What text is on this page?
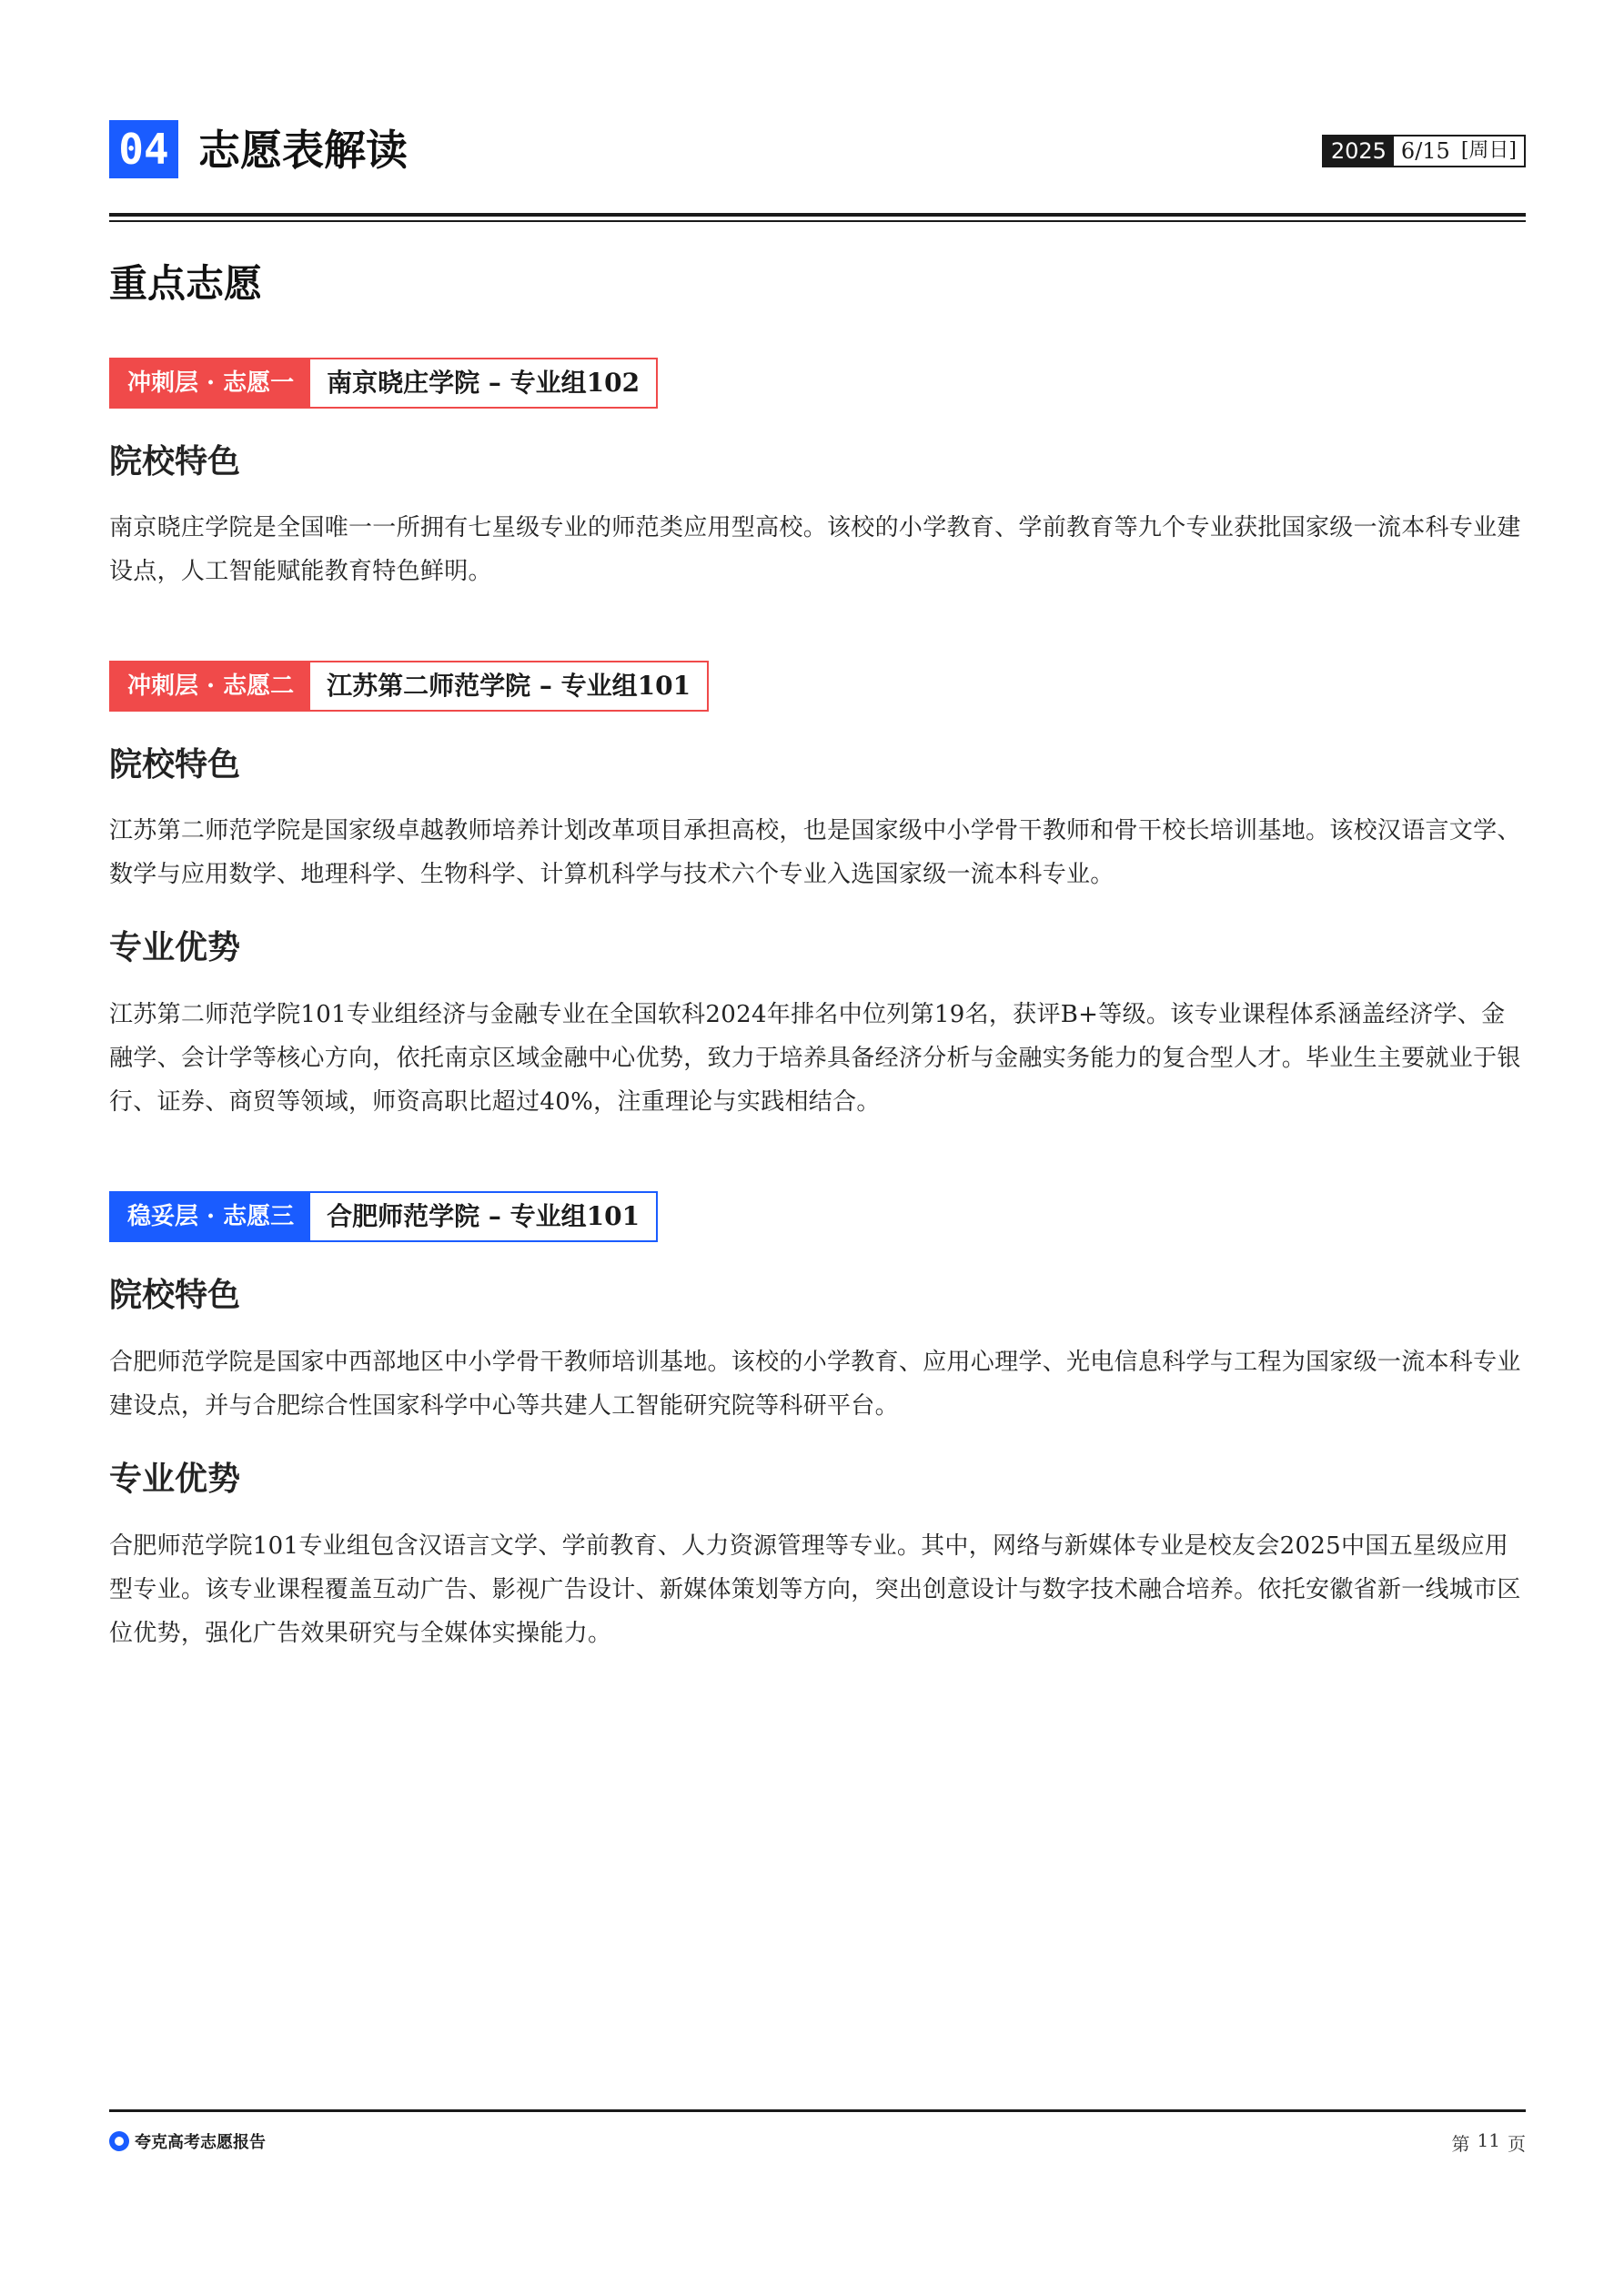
04 志愿表解读	2025 6/15 [周日]
重点志愿
冲刺层 · 志愿一	南京晓庄学院 – 专业组102
院校特色
南京晓庄学院是全国唯一一所拥有七星级专业的师范类应用型高校。该校的小学教育、学前教育等九个专业获批国家级一流本科专业建设点，人工智能赋能教育特色鲜明。
冲刺层 · 志愿二	江苏第二师范学院 – 专业组101
院校特色
江苏第二师范学院是国家级卓越教师培养计划改革项目承担高校，也是国家级中小学骨干教师和骨干校长培训基地。该校汉语言文学、数学与应用数学、地理科学、生物科学、计算机科学与技术六个专业入选国家级一流本科专业。
专业优势
江苏第二师范学院101专业组经济与金融专业在全国软科2024年排名中位列第19名，获评B+等级。该专业课程体系涵盖经济学、金融学、会计学等核心方向，依托南京区域金融中心优势，致力于培养具备经济分析与金融实务能力的复合型人才。毕业生主要就业于银行、证券、商贸等领域，师资高职比超过40%，注重理论与实践相结合。
稳妥层 · 志愿三	合肥师范学院 – 专业组101
院校特色
合肥师范学院是国家中西部地区中小学骨干教师培训基地。该校的小学教育、应用心理学、光电信息科学与工程为国家级一流本科专业建设点，并与合肥综合性国家科学中心等共建人工智能研究院等科研平台。
专业优势
合肥师范学院101专业组包含汉语言文学、学前教育、人力资源管理等专业。其中，网络与新媒体专业是校友会2025中国五星级应用型专业。该专业课程覆盖互动广告、影视广告设计、新媒体策划等方向，突出创意设计与数字技术融合培养。依托安徽省新一线城市区位优势，强化广告效果研究与全媒体实操能力。
夸克高考志愿报告	第 11 页
